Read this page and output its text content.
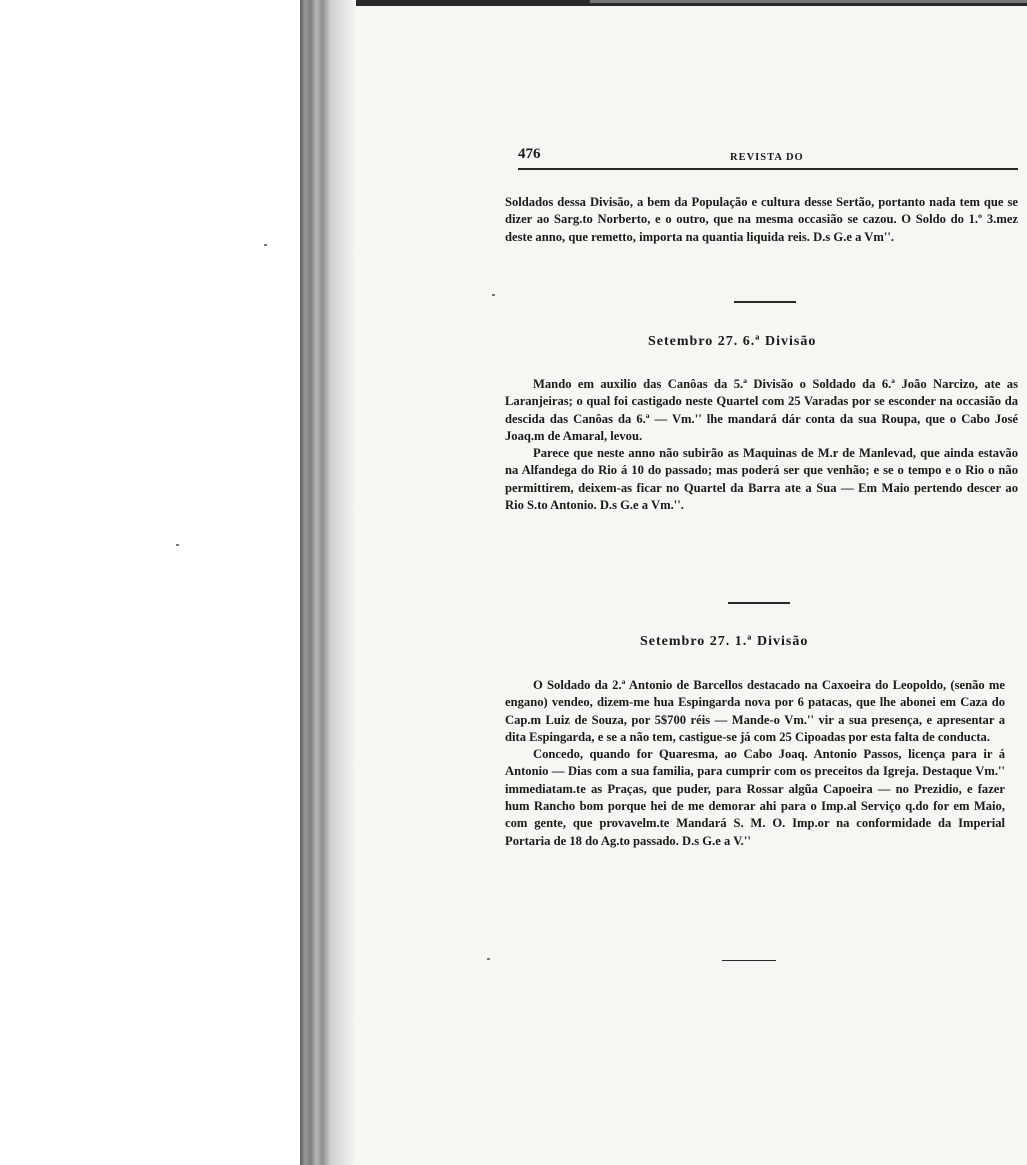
476	REVISTA DO

Soldados dessa Divisão, a bem da População e cultura desse Sertão, portanto nada tem que se dizer ao Sarg.to Norberto, e o outro, que na mesma occasião se cazou. O Soldo do 1.º 3.mez deste anno, que remetto, importa na quantia liquida reis. D.s G.e a Vm''.

Setembro 27. 6.ª Divisão

Mando em auxilio das Canôas da 5.ª Divisão o Soldado da 6.ª João Narcizo, ate as Laranjeiras; o qual foi castigado neste Quartel com 25 Varadas por se esconder na occasião da descida das Canôas da 6.ª — Vm.'' lhe mandará dár conta da sua Roupa, que o Cabo José Joaq.m de Amaral, levou.

Parece que neste anno não subirão as Maquinas de M.r de Manlevad, que ainda estavão na Alfandega do Rio á 10 do passado; mas poderá ser que venhão; e se o tempo e o Rio o não permittirem, deixem-as ficar no Quartel da Barra ate a Sua — Em Maio pertendo descer ao Rio S.to Antonio. D.s G.e a Vm.''.

Setembro 27. 1.ª Divisão

O Soldado da 2.ª Antonio de Barcellos destacado na Caxoeira do Leopoldo, (senão me engano) vendeo, dizem-me hua Espingarda nova por 6 patacas, que lhe abonei em Caza do Cap.m Luiz de Souza, por 5$700 réis — Mande-o Vm.'' vir a sua presença, e apresentar a dita Espingarda, e se a não tem, castigue-se já com 25 Cipoadas por esta falta de conducta.

Concedo, quando for Quaresma, ao Cabo Joaq. Antonio Passos, licença para ir á Antonio — Dias com a sua familia, para cumprir com os preceitos da Igreja. Destaque Vm.'' immediatam.te as Praças, que puder, para Rossar algũa Capoeira — no Prezidio, e fazer hum Rancho bom porque hei de me demorar ahi para o Imp.al Serviço q.do for em Maio, com gente, que provavelm.te Mandará S. M. O. Imp.or na conformidade da Imperial Portaria de 18 do Ag.to passado. D.s G.e a V.''
